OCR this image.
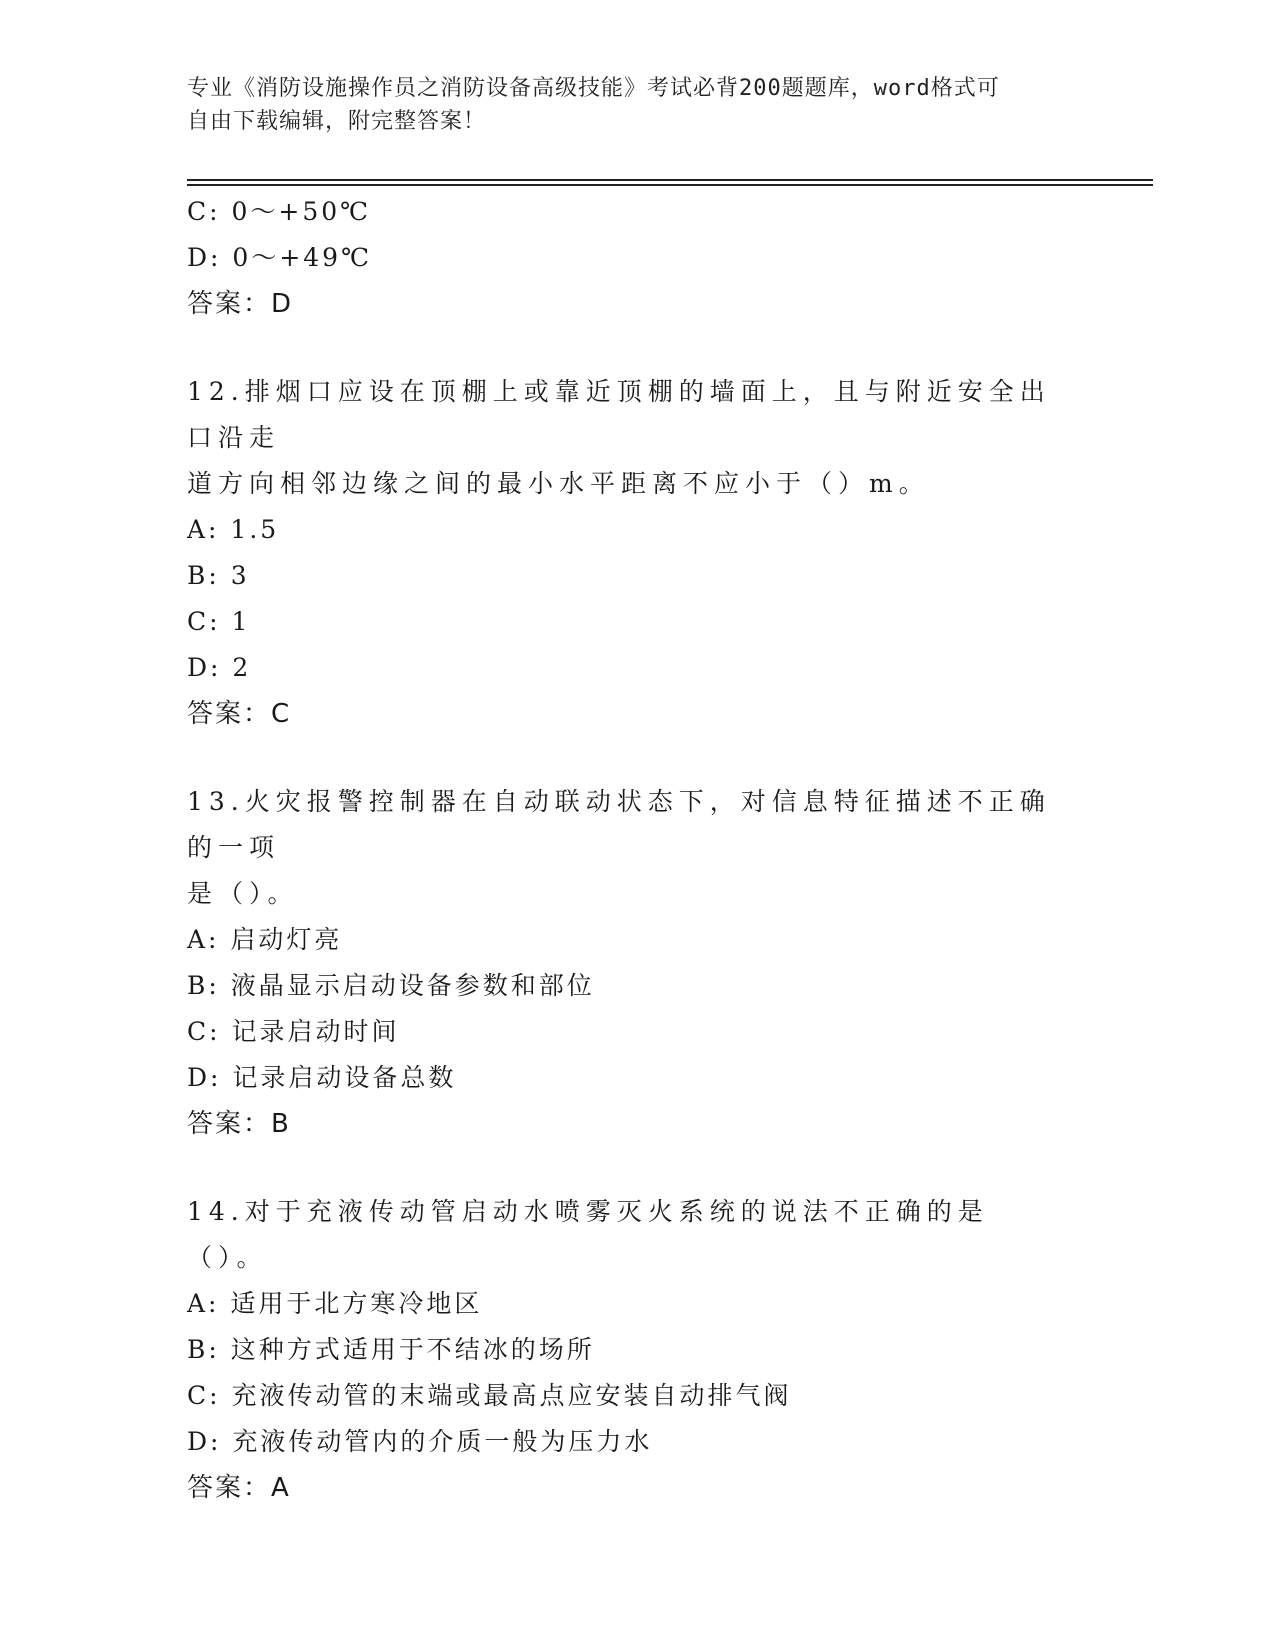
专业《消防设施操作员之消防设备高级技能》考试必背200题题库，word格式可
自由下载编辑，附完整答案！
C: 0～+50℃
D: 0～+49℃
答案：D
12.排烟口应设在顶棚上或靠近顶棚的墙面上，且与附近安全出口沿走
道方向相邻边缘之间的最小水平距离不应小于（）m。
A: 1.5
B: 3
C: 1
D: 2
答案：C
13.火灾报警控制器在自动联动状态下，对信息特征描述不正确的一项
是（）。
A: 启动灯亮
B: 液晶显示启动设备参数和部位
C: 记录启动时间
D: 记录启动设备总数
答案：B
14.对于充液传动管启动水喷雾灭火系统的说法不正确的是（）。
A: 适用于北方寒冷地区
B: 这种方式适用于不结冰的场所
C: 充液传动管的末端或最高点应安装自动排气阀
D: 充液传动管内的介质一般为压力水
答案：A
